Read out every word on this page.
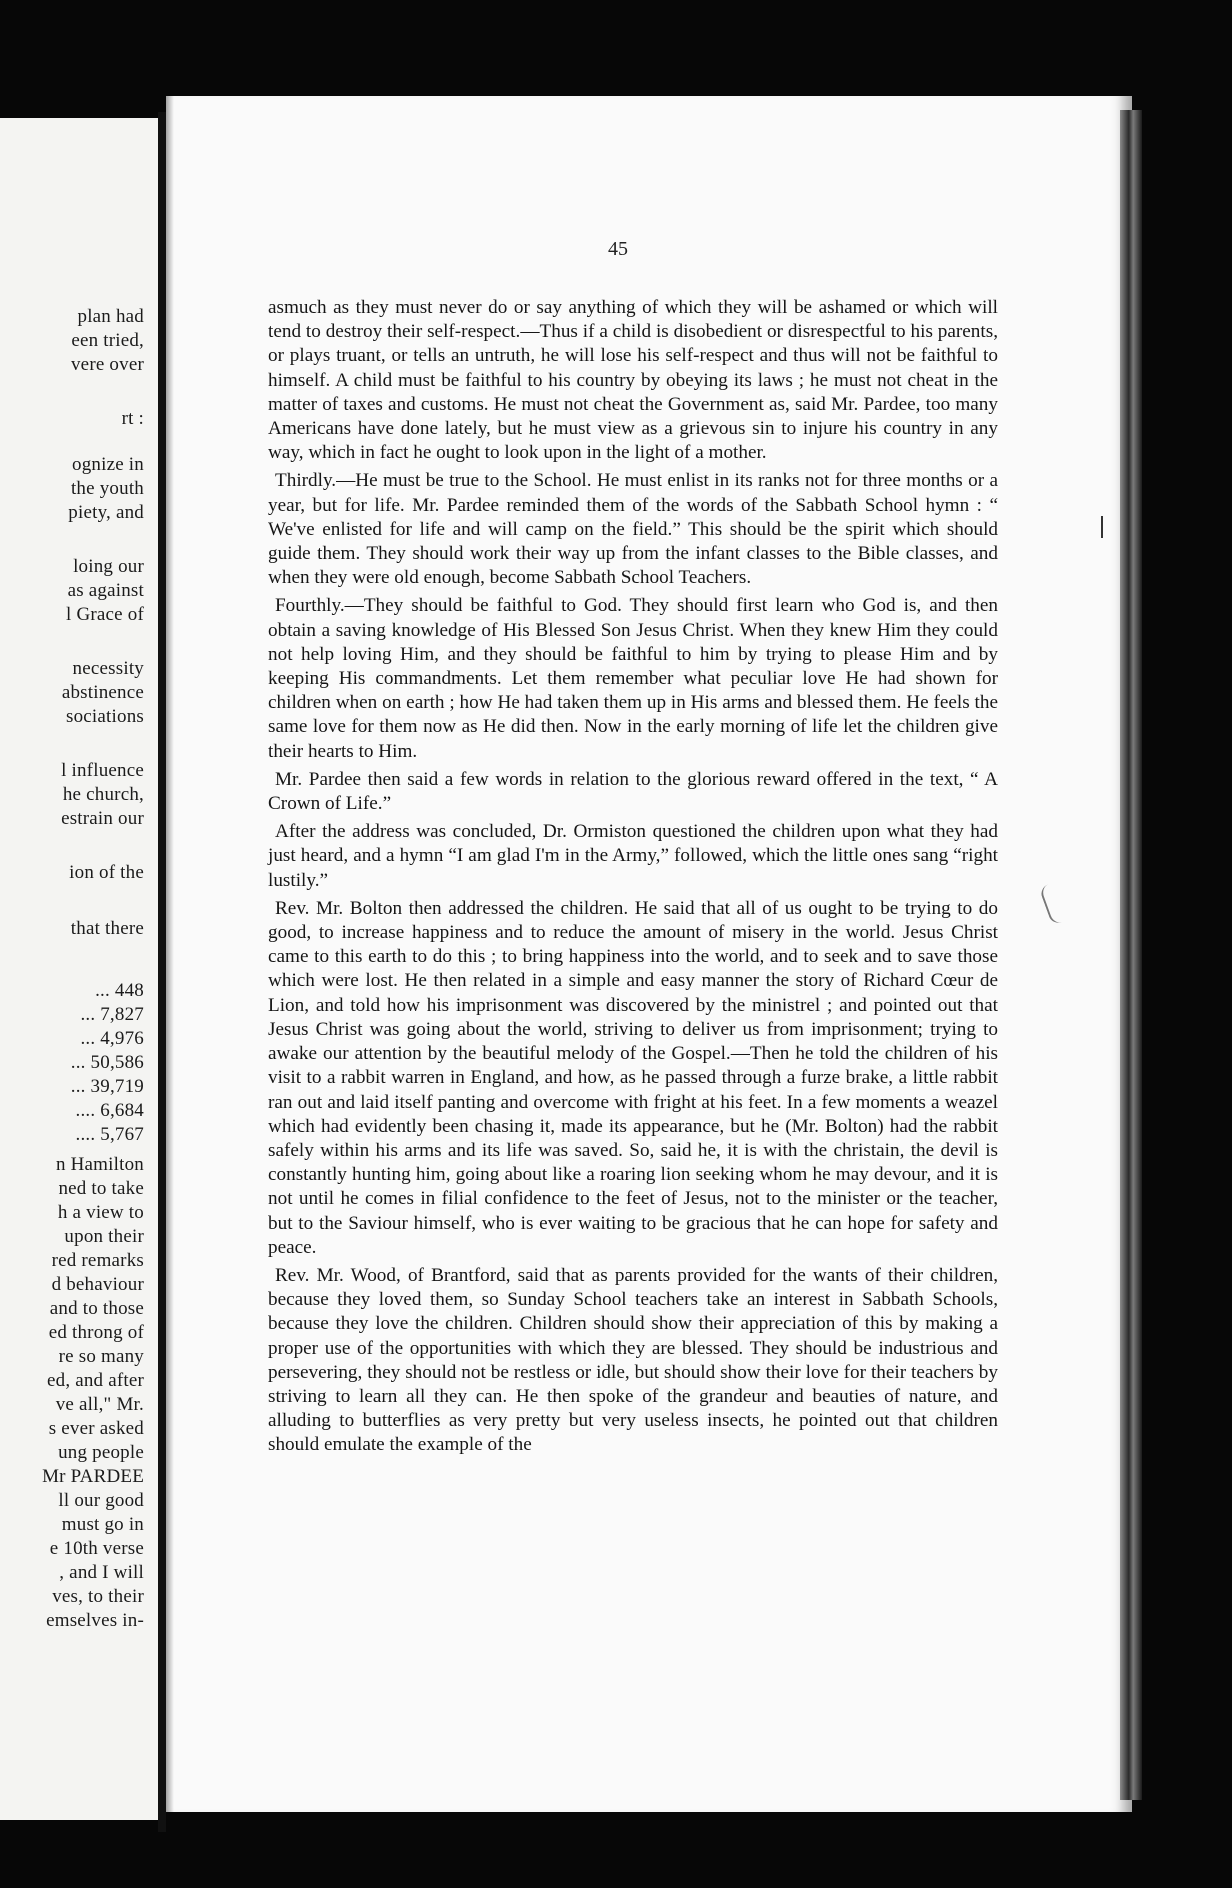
plan had
een tried,
vere over
rt :
ognize in
the youth
piety, and
loing our
as against
l Grace of
necessity
abstinence
sociations
l influence
he church,
estrain our
ion of the
that there
... 448
... 7,827
... 4,976
... 50,586
... 39,719
.... 6,684
.... 5,767
n Hamilton
ned to take
h a view to
upon their
red remarks
d behaviour
and to those
ed throng of
re so many
ed, and after
ve all," Mr.
s ever asked
ung people
Mr PARDEE
ll our good
must go in
e 10th verse
, and I will
ves, to their
emselves in-
45

asmuch as they must never do or say anything of which they will be ashamed or which will tend to destroy their self-respect.—Thus if a child is disobedient or disrespectful to his parents, or plays truant, or tells an untruth, he will lose his self-respect and thus will not be faithful to himself. A child must be faithful to his country by obeying its laws ; he must not cheat in the matter of taxes and customs. He must not cheat the Government as, said Mr. Pardee, too many Americans have done lately, but he must view as a grievous sin to injure his country in any way, which in fact he ought to look upon in the light of a mother.

Thirdly.—He must be true to the School. He must enlist in its ranks not for three months or a year, but for life. Mr. Pardee reminded them of the words of the Sabbath School hymn : “ We've enlisted for life and will camp on the field.” This should be the spirit which should guide them. They should work their way up from the infant classes to the Bible classes, and when they were old enough, become Sabbath School Teachers.

Fourthly.—They should be faithful to God. They should first learn who God is, and then obtain a saving knowledge of His Blessed Son Jesus Christ. When they knew Him they could not help loving Him, and they should be faithful to him by trying to please Him and by keeping His commandments. Let them remember what peculiar love He had shown for children when on earth ; how He had taken them up in His arms and blessed them. He feels the same love for them now as He did then. Now in the early morning of life let the children give their hearts to Him.

Mr. Pardee then said a few words in relation to the glorious reward offered in the text, “ A Crown of Life.”

After the address was concluded, Dr. Ormiston questioned the children upon what they had just heard, and a hymn “I am glad I'm in the Army,” followed, which the little ones sang “right lustily.”

Rev. Mr. Bolton then addressed the children. He said that all of us ought to be trying to do good, to increase happiness and to reduce the amount of misery in the world. Jesus Christ came to this earth to do this ; to bring happiness into the world, and to seek and to save those which were lost. He then related in a simple and easy manner the story of Richard Cœur de Lion, and told how his imprisonment was discovered by the ministrel ; and pointed out that Jesus Christ was going about the world, striving to deliver us from imprisonment; trying to awake our attention by the beautiful melody of the Gospel.—Then he told the children of his visit to a rabbit warren in England, and how, as he passed through a furze brake, a little rabbit ran out and laid itself panting and overcome with fright at his feet. In a few moments a weazel which had evidently been chasing it, made its appearance, but he (Mr. Bolton) had the rabbit safely within his arms and its life was saved. So, said he, it is with the christain, the devil is constantly hunting him, going about like a roaring lion seeking whom he may devour, and it is not until he comes in filial confidence to the feet of Jesus, not to the minister or the teacher, but to the Saviour himself, who is ever waiting to be gracious that he can hope for safety and peace.

Rev. Mr. Wood, of Brantford, said that as parents provided for the wants of their children, because they loved them, so Sunday School teachers take an interest in Sabbath Schools, because they love the children. Children should show their appreciation of this by making a proper use of the opportunities with which they are blessed. They should be industrious and persevering, they should not be restless or idle, but should show their love for their teachers by striving to learn all they can. He then spoke of the grandeur and beauties of nature, and alluding to butterflies as very pretty but very useless insects, he pointed out that children should emulate the example of the
